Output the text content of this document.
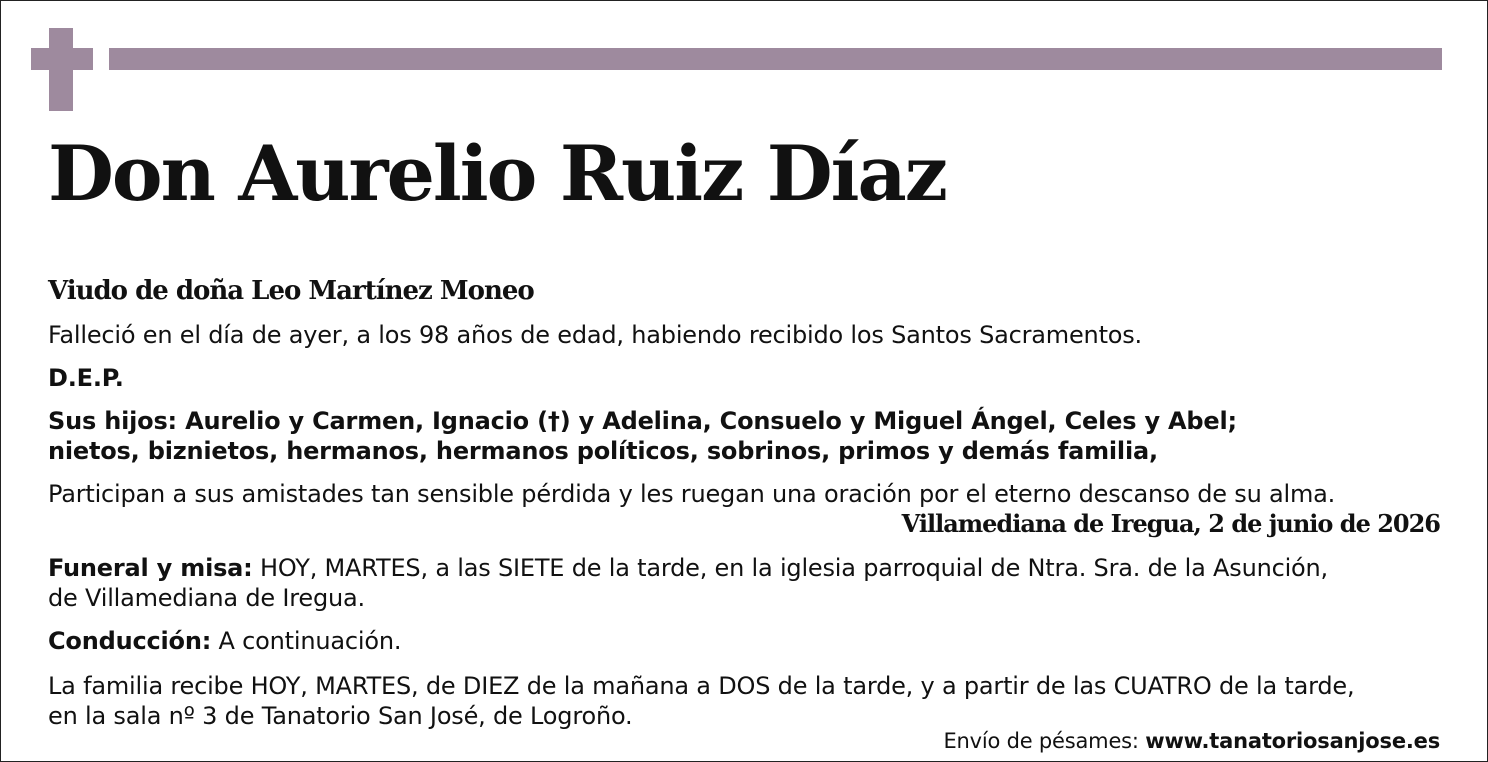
Don Aurelio Ruiz Díaz

Viudo de doña Leo Martínez Moneo

Falleció en el día de ayer, a los 98 años de edad, habiendo recibido los Santos Sacramentos.

D.E.P.

Sus hijos: Aurelio y Carmen, Ignacio (†) y Adelina, Consuelo y Miguel Ángel, Celes y Abel;

nietos, biznietos, hermanos, hermanos políticos, sobrinos, primos y demás familia,

Participan a sus amistades tan sensible pérdida y les ruegan una oración por el eterno descanso de su alma.

Villamediana de Iregua, 2 de junio de 2026

Funeral y misa: HOY, MARTES, a las SIETE de la tarde, en la iglesia parroquial de Ntra. Sra. de la Asunción,

de Villamediana de Iregua.

Conducción: A continuación.

La familia recibe HOY, MARTES, de DIEZ de la mañana a DOS de la tarde, y a partir de las CUATRO de la tarde,

en la sala nº 3 de Tanatorio San José, de Logroño.

Envío de pésames: www.tanatoriosanjose.es
